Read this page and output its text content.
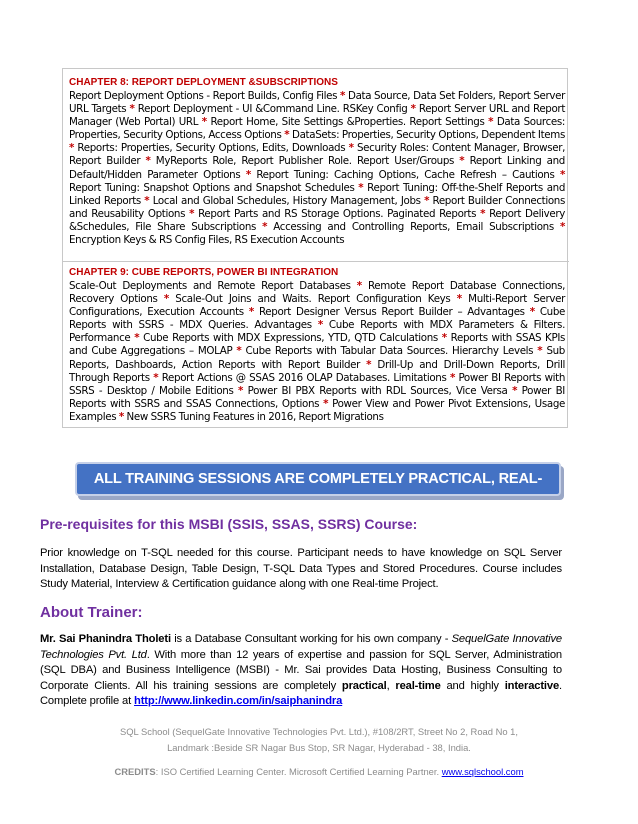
CHAPTER 8: REPORT DEPLOYMENT &SUBSCRIPTIONS
Report Deployment Options - Report Builds, Config Files * Data Source, Data Set Folders, Report Server URL Targets * Report Deployment - UI &Command Line. RSKey Config * Report Server URL and Report Manager (Web Portal) URL * Report Home, Site Settings &Properties. Report Settings * Data Sources: Properties, Security Options, Access Options * DataSets: Properties, Security Options, Dependent Items * Reports: Properties, Security Options, Edits, Downloads * Security Roles: Content Manager, Browser, Report Builder * MyReports Role, Report Publisher Role. Report User/Groups * Report Linking and Default/Hidden Parameter Options * Report Tuning: Caching Options, Cache Refresh – Cautions * Report Tuning: Snapshot Options and Snapshot Schedules * Report Tuning: Off-the-Shelf Reports and Linked Reports * Local and Global Schedules, History Management, Jobs * Report Builder Connections and Reusability Options * Report Parts and RS Storage Options. Paginated Reports * Report Delivery &Schedules, File Share Subscriptions * Accessing and Controlling Reports, Email Subscriptions * Encryption Keys & RS Config Files, RS Execution Accounts
CHAPTER 9: CUBE REPORTS, POWER BI INTEGRATION
Scale-Out Deployments and Remote Report Databases * Remote Report Database Connections, Recovery Options * Scale-Out Joins and Waits. Report Configuration Keys * Multi-Report Server Configurations, Execution Accounts * Report Designer Versus Report Builder – Advantages * Cube Reports with SSRS - MDX Queries. Advantages * Cube Reports with MDX Parameters & Filters. Performance * Cube Reports with MDX Expressions, YTD, QTD Calculations * Reports with SSAS KPIs and Cube Aggregations – MOLAP * Cube Reports with Tabular Data Sources. Hierarchy Levels * Sub Reports, Dashboards, Action Reports with Report Builder * Drill-Up and Drill-Down Reports, Drill Through Reports * Report Actions @ SSAS 2016 OLAP Databases. Limitations * Power BI Reports with SSRS - Desktop / Mobile Editions * Power BI PBX Reports with RDL Sources, Vice Versa * Power BI Reports with SSRS and SSAS Connections, Options * Power View and Power Pivot Extensions, Usage Examples * New SSRS Tuning Features in 2016, Report Migrations
ALL TRAINING SESSIONS ARE COMPLETELY PRACTICAL, REAL-TIME.
Pre-requisites for this MSBI (SSIS, SSAS, SSRS) Course:
Prior knowledge on T-SQL needed for this course. Participant needs to have knowledge on SQL Server Installation, Database Design, Table Design, T-SQL Data Types and Stored Procedures. Course includes Study Material, Interview & Certification guidance along with one Real-time Project.
About Trainer:
Mr. Sai Phanindra Tholeti is a Database Consultant working for his own company - SequelGate Innovative Technologies Pvt. Ltd. With more than 12 years of expertise and passion for SQL Server, Administration (SQL DBA) and Business Intelligence (MSBI) - Mr. Sai provides Data Hosting, Business Consulting to Corporate Clients. All his training sessions are completely practical, real-time and highly interactive. Complete profile at http://www.linkedin.com/in/saiphanindra
SQL School (SequelGate Innovative Technologies Pvt. Ltd.), #108/2RT, Street No 2, Road No 1,
Landmark :Beside SR Nagar Bus Stop, SR Nagar, Hyderabad - 38, India.
CREDITS: ISO Certified Learning Center. Microsoft Certified Learning Partner. www.sqlschool.com
